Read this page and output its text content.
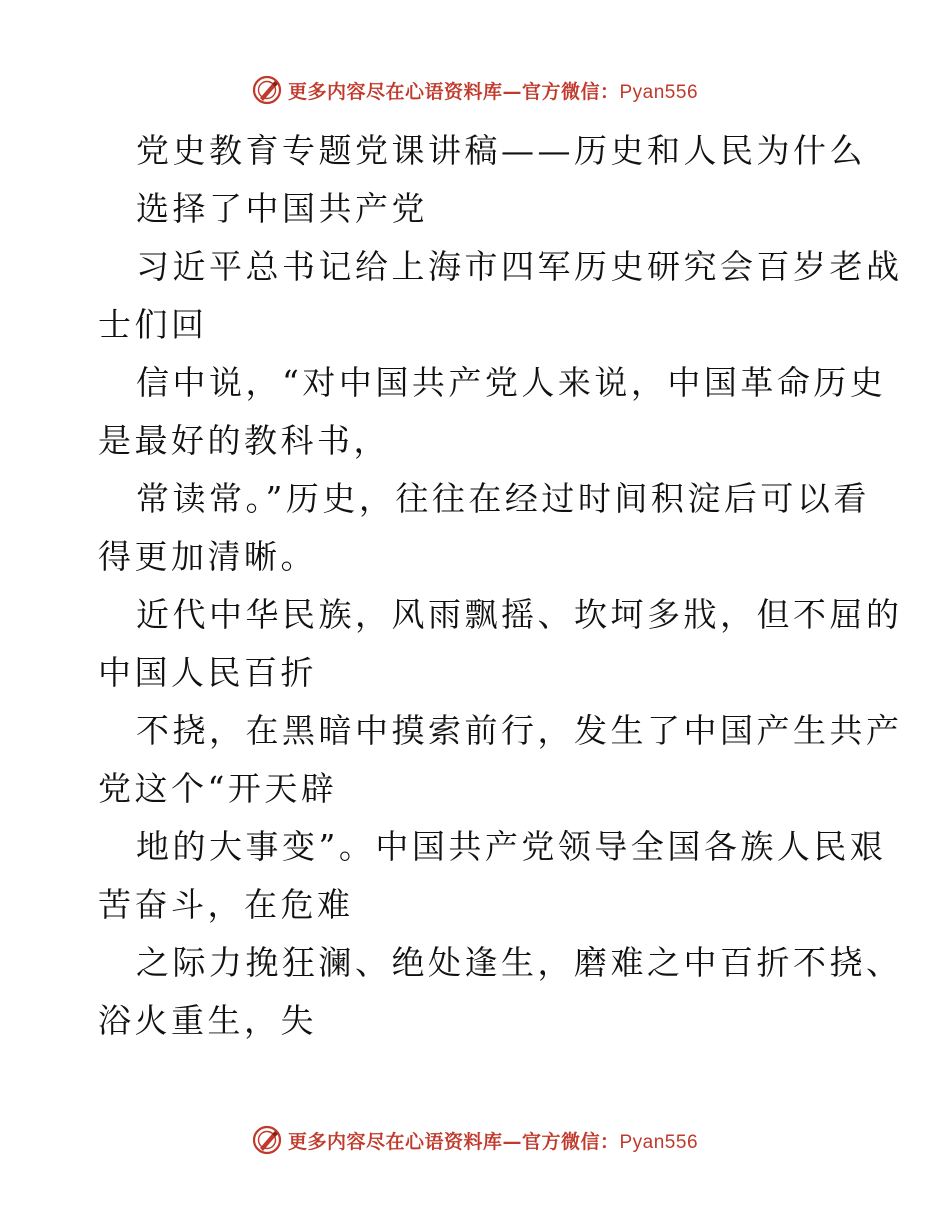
更多内容尽在心语资料库—官方微信：Pyan556
党史教育专题党课讲稿——历史和人民为什么
选择了中国共产党
习近平总书记给上海市四军历史研究会百岁老战
士们回
信中说，“对中国共产党人来说，中国革命历史
是最好的教科书，
常读常。”历史，往往在经过时间积淀后可以看
得更加清晰。
近代中华民族，风雨飘摇、坎坷多戕，但不屈的
中国人民百折
不挠，在黑暗中摸索前行，发生了中国产生共产
党这个“开天辟
地的大事变”。中国共产党领导全国各族人民艰
苦奋斗，在危难
之际力挽狂澜、绝处逢生，磨难之中百折不挠、
浴火重生，失
更多内容尽在心语资料库—官方微信：Pyan556
